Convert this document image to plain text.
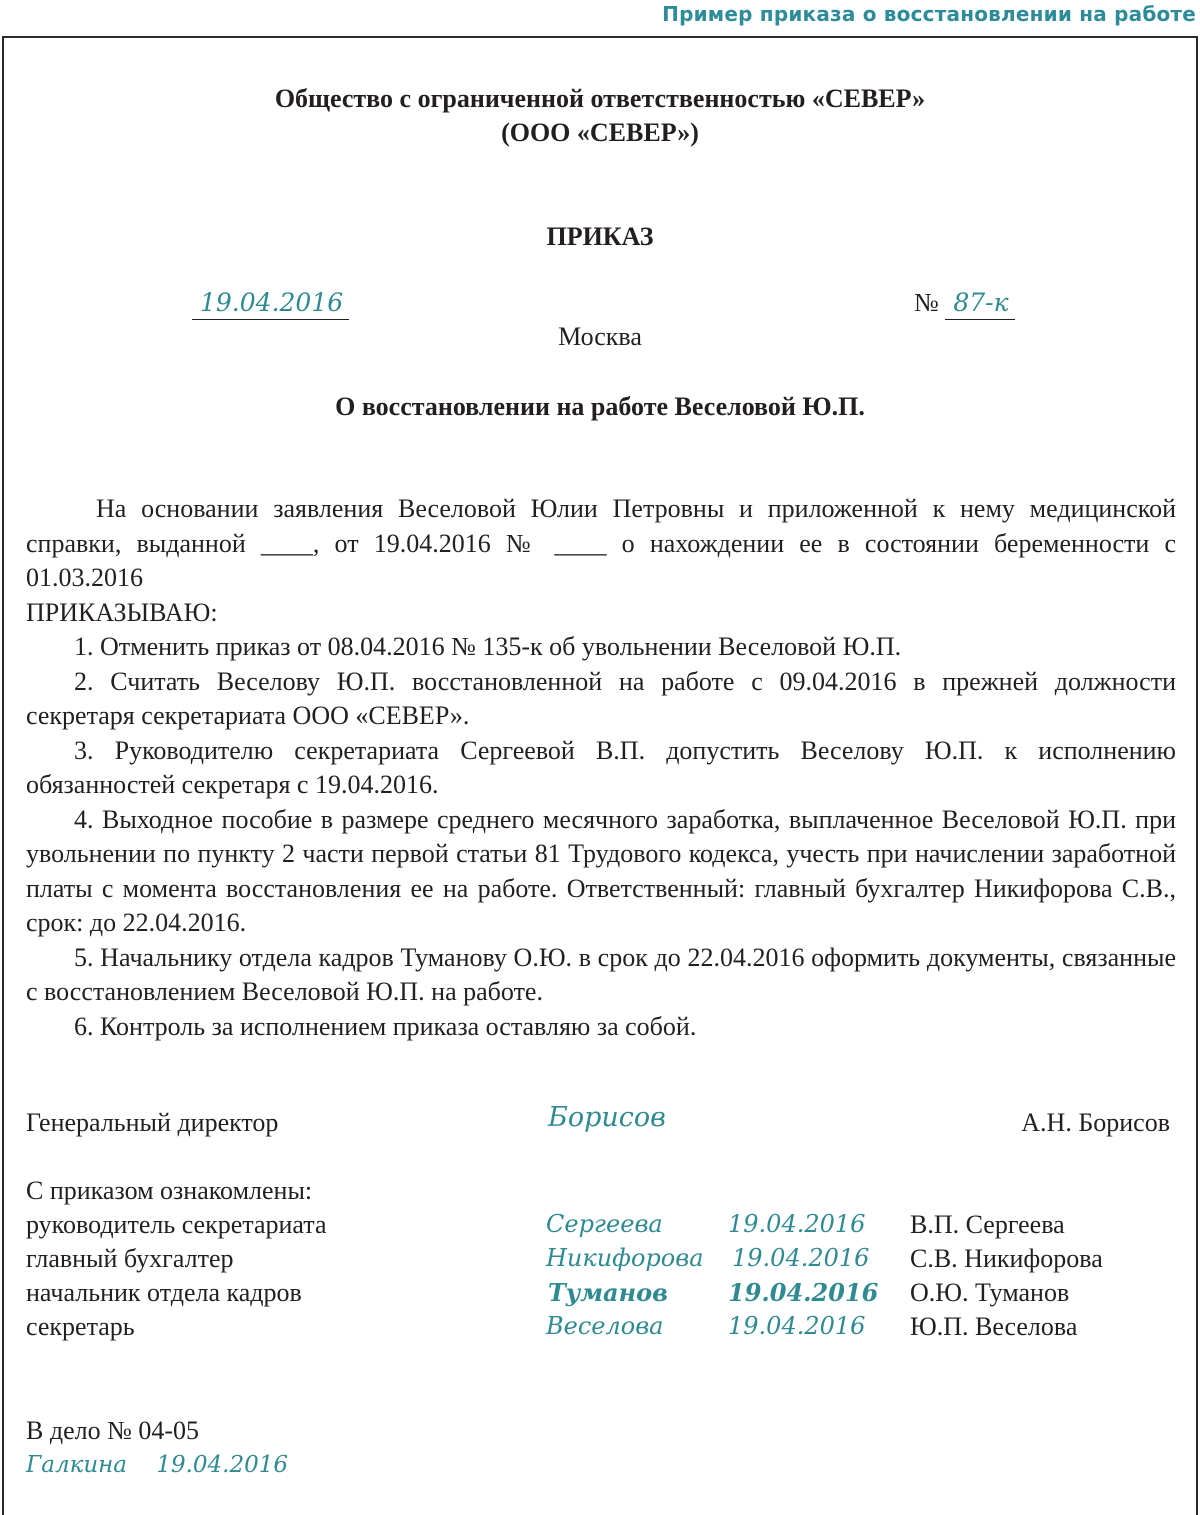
Пример приказа о восстановлении на работе
Общество с ограниченной ответственностью «СЕВЕР»
(ООО «СЕВЕР»)
ПРИКАЗ
19.04.2016	№ 87-к
Москва
О восстановлении на работе Веселовой Ю.П.

На основании заявления Веселовой Юлии Петровны и приложенной к нему медицинской справки, выданной ____, от 19.04.2016 № ____ о нахождении ее в состоянии беременности с 01.03.2016

ПРИКАЗЫВАЮ:

1. Отменить приказ от 08.04.2016 № 135-к об увольнении Веселовой Ю.П.

2. Считать Веселову Ю.П. восстановленной на работе с 09.04.2016 в прежней должности секретаря секретариата ООО «СЕВЕР».

3. Руководителю секретариата Сергеевой В.П. допустить Веселову Ю.П. к исполнению обязанностей секретаря с 19.04.2016.

4. Выходное пособие в размере среднего месячного заработка, выплаченное Веселовой Ю.П. при увольнении по пункту 2 части первой статьи 81 Трудового кодекса, учесть при начислении заработной платы с момента восстановления ее на работе. Ответственный: главный бухгалтер Никифорова С.В., срок: до 22.04.2016.

5. Начальнику отдела кадров Туманову О.Ю. в срок до 22.04.2016 оформить документы, связанные с восстановлением Веселовой Ю.П. на работе.

6. Контроль за исполнением приказа оставляю за собой.

Генеральный директор	Борисов	А.Н. Борисов
С приказом ознакомлены:
руководитель секретариата	Сергеева	19.04.2016 В.П. Сергеева
главный бухгалтер	Никифорова 19.04.2016 С.В. Никифорова
начальник отдела кадров	Туманов	19.04.2016 О.Ю. Туманов
секретарь	Веселова	19.04.2016 Ю.П. Веселова
В дело № 04-05
Галкина 19.04.2016
